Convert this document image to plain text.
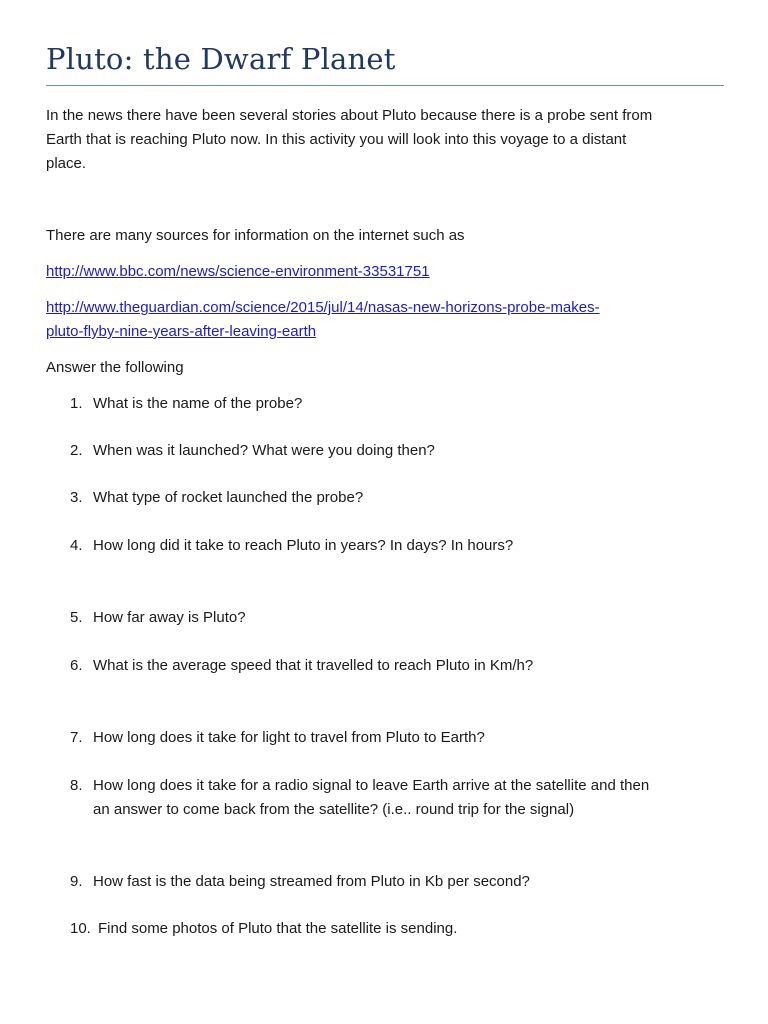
Pluto: the Dwarf Planet

In the news there have been several stories about Pluto because there is a probe sent from
Earth that is reaching Pluto now. In this activity you will look into this voyage to a distant
place.

There are many sources for information on the internet such as

http://www.bbc.com/news/science-environment-33531751
http://www.theguardian.com/science/2015/jul/14/nasas-new-horizons-probe-makes-
pluto-flyby-nine-years-after-leaving-earth

Answer the following

1. What is the name of the probe?
2. When was it launched? What were you doing then?
3. What type of rocket launched the probe?
4. How long did it take to reach Pluto in years? In days? In hours?
5. How far away is Pluto?
6. What is the average speed that it travelled to reach Pluto in Km/h?
7. How long does it take for light to travel from Pluto to Earth?
8. How long does it take for a radio signal to leave Earth arrive at the satellite and then
an answer to come back from the satellite? (i.e.. round trip for the signal)
9. How fast is the data being streamed from Pluto in Kb per second?
10. Find some photos of Pluto that the satellite is sending.
